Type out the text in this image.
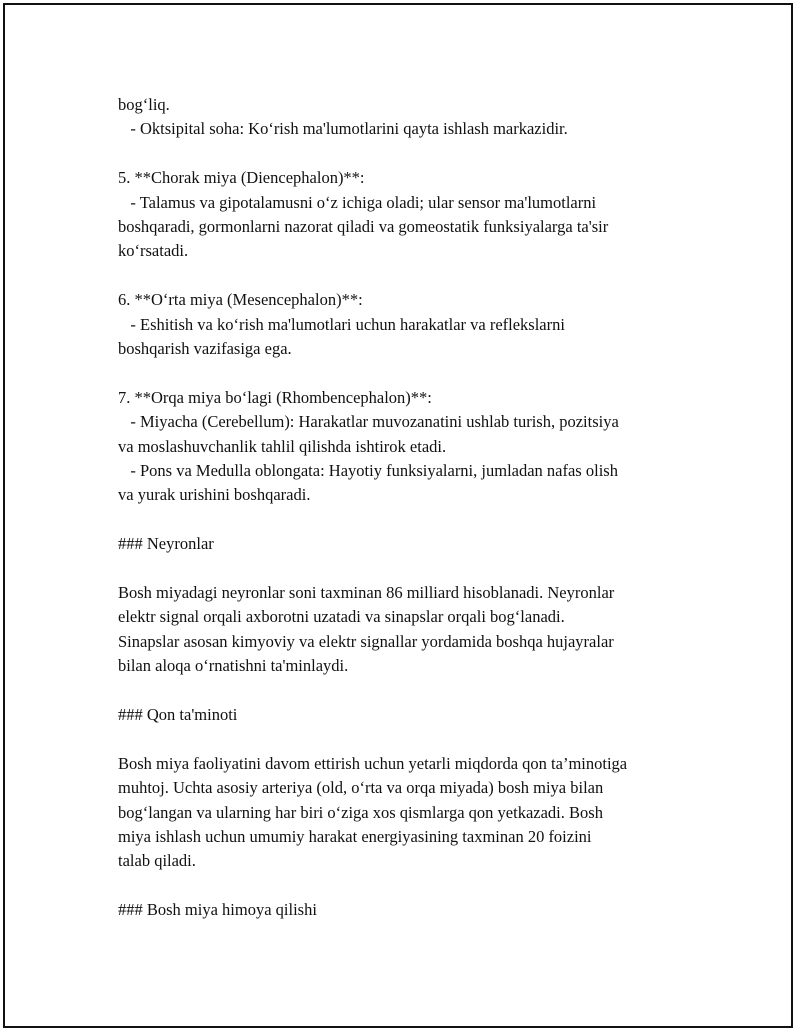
bog‘liq.
- Oktsipital soha: Ko‘rish ma'lumotlarini qayta ishlash markazidir.
5. **Chorak miya (Diencephalon)**:
- Talamus va gipotalamusni o‘z ichiga oladi; ular sensor ma'lumotlarni
boshqaradi, gormonlarni nazorat qiladi va gomeostatik funksiyalarga ta'sir
ko‘rsatadi.
6. **O‘rta miya (Mesencephalon)**:
- Eshitish va ko‘rish ma'lumotlari uchun harakatlar va reflekslarni
boshqarish vazifasiga ega.
7. **Orqa miya bo‘lagi (Rhombencephalon)**:
- Miyacha (Cerebellum): Harakatlar muvozanatini ushlab turish, pozitsiya
va moslashuvchanlik tahlil qilishda ishtirok etadi.
- Pons va Medulla oblongata: Hayotiy funksiyalarni, jumladan nafas olish
va yurak urishini boshqaradi.
### Neyronlar
Bosh miyadagi neyronlar soni taxminan 86 milliard hisoblanadi. Neyronlar
elektr signal orqali axborotni uzatadi va sinapslar orqali bog‘lanadi.
Sinapslar asosan kimyoviy va elektr signallar yordamida boshqa hujayralar
bilan aloqa o‘rnatishni ta'minlaydi.
### Qon ta'minoti
Bosh miya faoliyatini davom ettirish uchun yetarli miqdorda qon ta’minotiga
muhtoj. Uchta asosiy arteriya (old, o‘rta va orqa miyada) bosh miya bilan
bog‘langan va ularning har biri o‘ziga xos qismlarga qon yetkazadi. Bosh
miya ishlash uchun umumiy harakat energiyasining taxminan 20 foizini
talab qiladi.
### Bosh miya himoya qilishi
